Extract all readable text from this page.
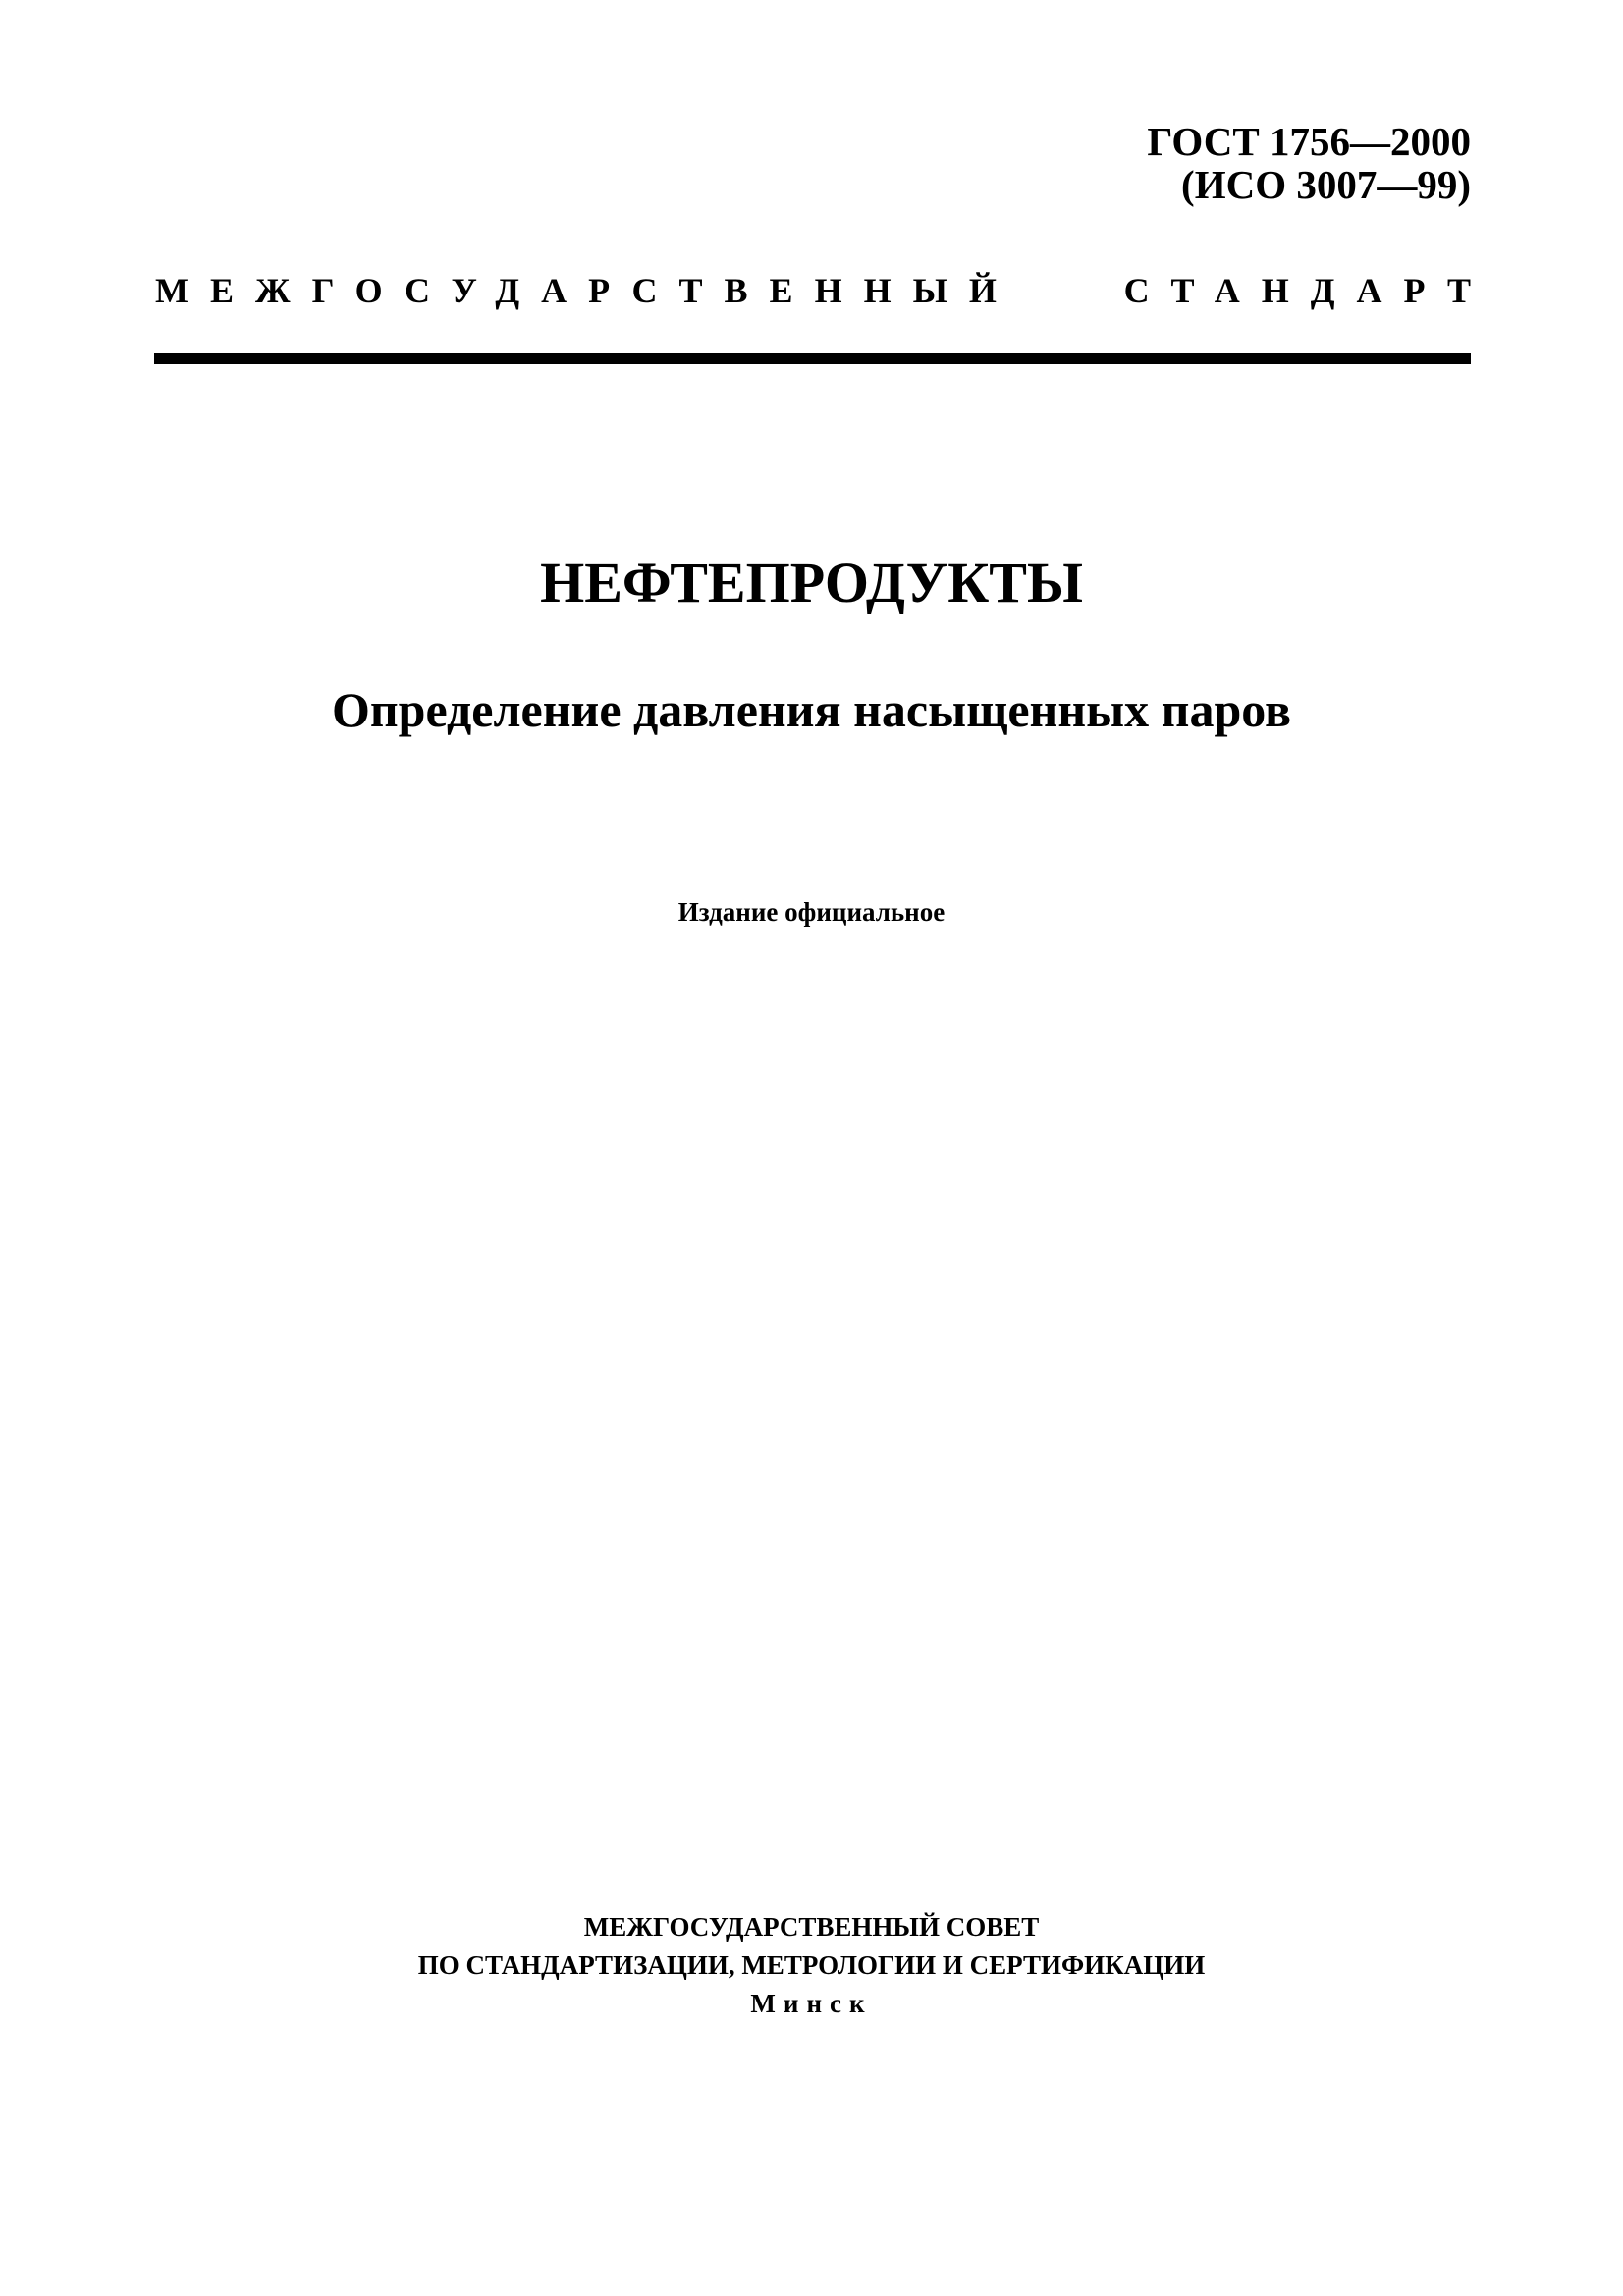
ГОСТ 1756—2000
(ИСО 3007—99)
МЕЖГОСУДАРСТВЕННЫЙ	СТАНДАРТ
НЕФТЕПРОДУКТЫ
Определение давления насыщенных паров
Издание официальное
МЕЖГОСУДАРСТВЕННЫЙ СОВЕТ
ПО СТАНДАРТИЗАЦИИ, МЕТРОЛОГИИ И СЕРТИФИКАЦИИ
Минск
